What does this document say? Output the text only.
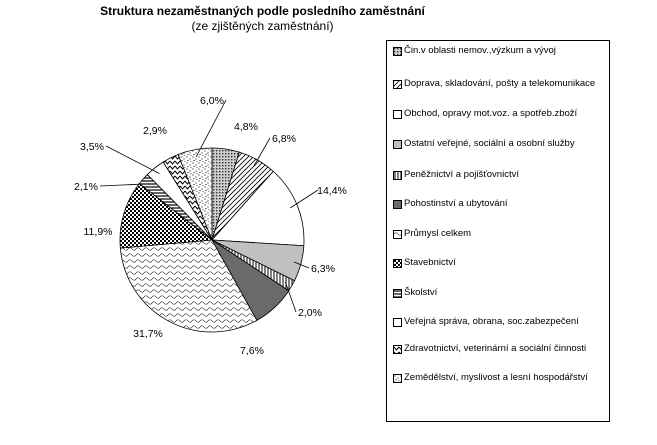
Struktura nezaměstnaných podle posledního zaměstnání
(ze zjištěných zaměstnání)
4,8%
6,8%
14,4%
6,3%
2,0%
7,6%
31,7%
11,9%
2,1%
3,5%
2,9%
6,0%
Čin.v oblasti nemov.,výzkum a vývoj
Doprava, skladování, pošty a telekomunikace
Obchod, opravy mot.voz. a spotřeb.zboží
Ostatní veřejné, sociální a osobní služby
Peněžnictví a pojišťovnictví
Pohostinství a ubytování
Průmysl celkem
Stavebnictví
Školství
Veřejná správa, obrana, soc.zabezpečení
Zdravotnictví, veterinární a sociální činnosti
Zemědělství, myslivost a lesní hospodářství
